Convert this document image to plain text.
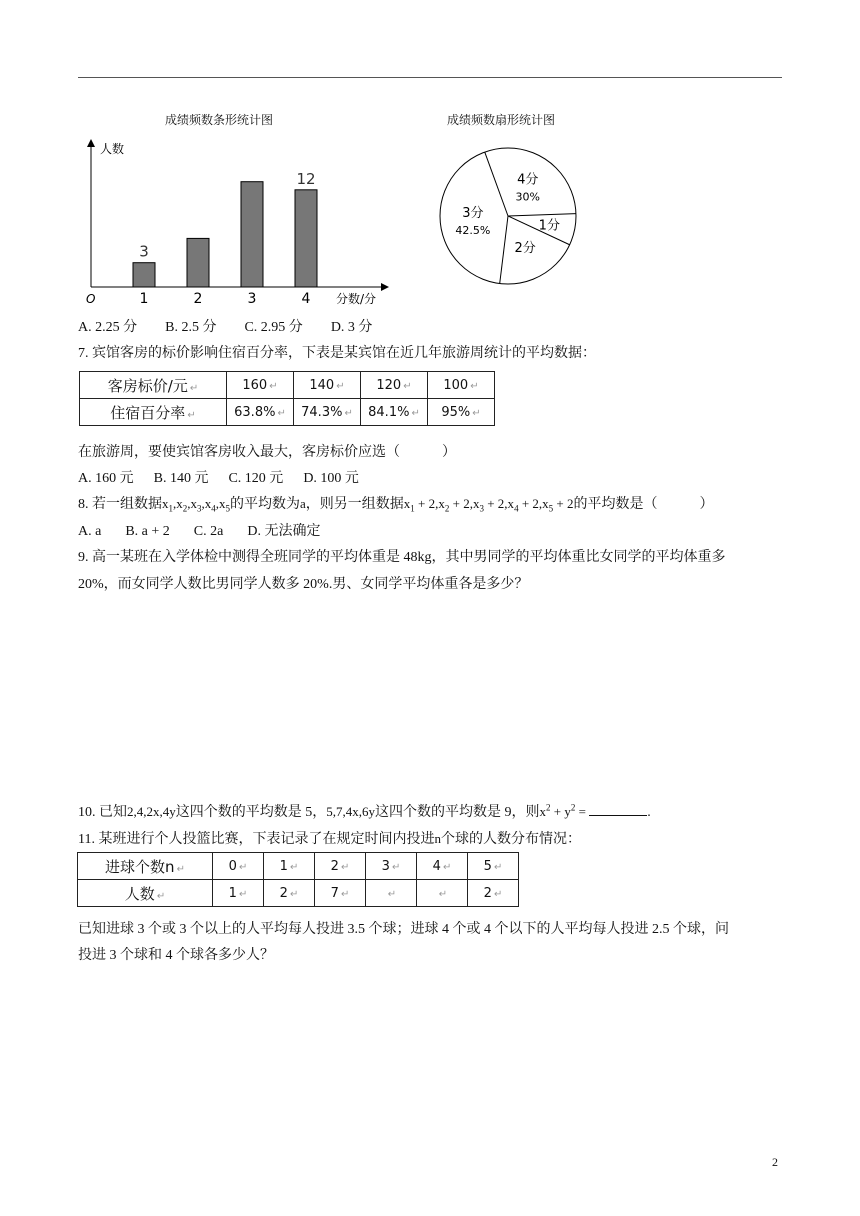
成绩频数条形统计图
人数
分数/分
O	1
3
2	3	4
12
成绩频数扇形统计图
4分
30%
1分
2分
3分
42.5%
A. 2.25 分 B. 2.5 分 C. 2.95 分 D. 3 分
7. 宾馆客房的标价影响住宿百分率，下表是某宾馆在近几年旅游周统计的平均数据：
客房标价/元 ↵	160 ↵	140 ↵	120 ↵	100 ↵
住宿百分率 ↵	63.8% ↵	74.3% ↵	84.1% ↵	95% ↵
在旅游周，要使宾馆客房收入最大，客房标价应选（　　　）
A. 160 元 B. 140 元 C. 120 元 D. 100 元
8. 若一组数据$x_1,x_2,x_3,x_4,x_5$的平均数为a，则另一组数据$x_1 + 2,x_2 + 2,x_3 + 2,x_4 + 2,x_5 + 2$的平均数是（　　　）
A. a B. a + 2 C. 2a D. 无法确定
9. 高一某班在入学体检中测得全班同学的平均体重是 48kg，其中男同学的平均体重比女同学的平均体重多
20%，而女同学人数比男同学人数多 20%.男、女同学平均体重各是多少？
10. 已知2,4,2x,4y这四个数的平均数是 5，5,7,4x,6y这四个数的平均数是 9，则$x^2 + y^2$ =	.
11. 某班进行个人投篮比赛，下表记录了在规定时间内投进n个球的人数分布情况：
进球个数n ↵	0 ↵	1 ↵	2 ↵	3 ↵	4 ↵	5 ↵
人数 ↵	1 ↵	2 ↵	7 ↵	↵	↵	2 ↵
已知进球 3 个或 3 个以上的人平均每人投进 3.5 个球；进球 4 个或 4 个以下的人平均每人投进 2.5 个球，问
投进 3 个球和 4 个球各多少人？
2
